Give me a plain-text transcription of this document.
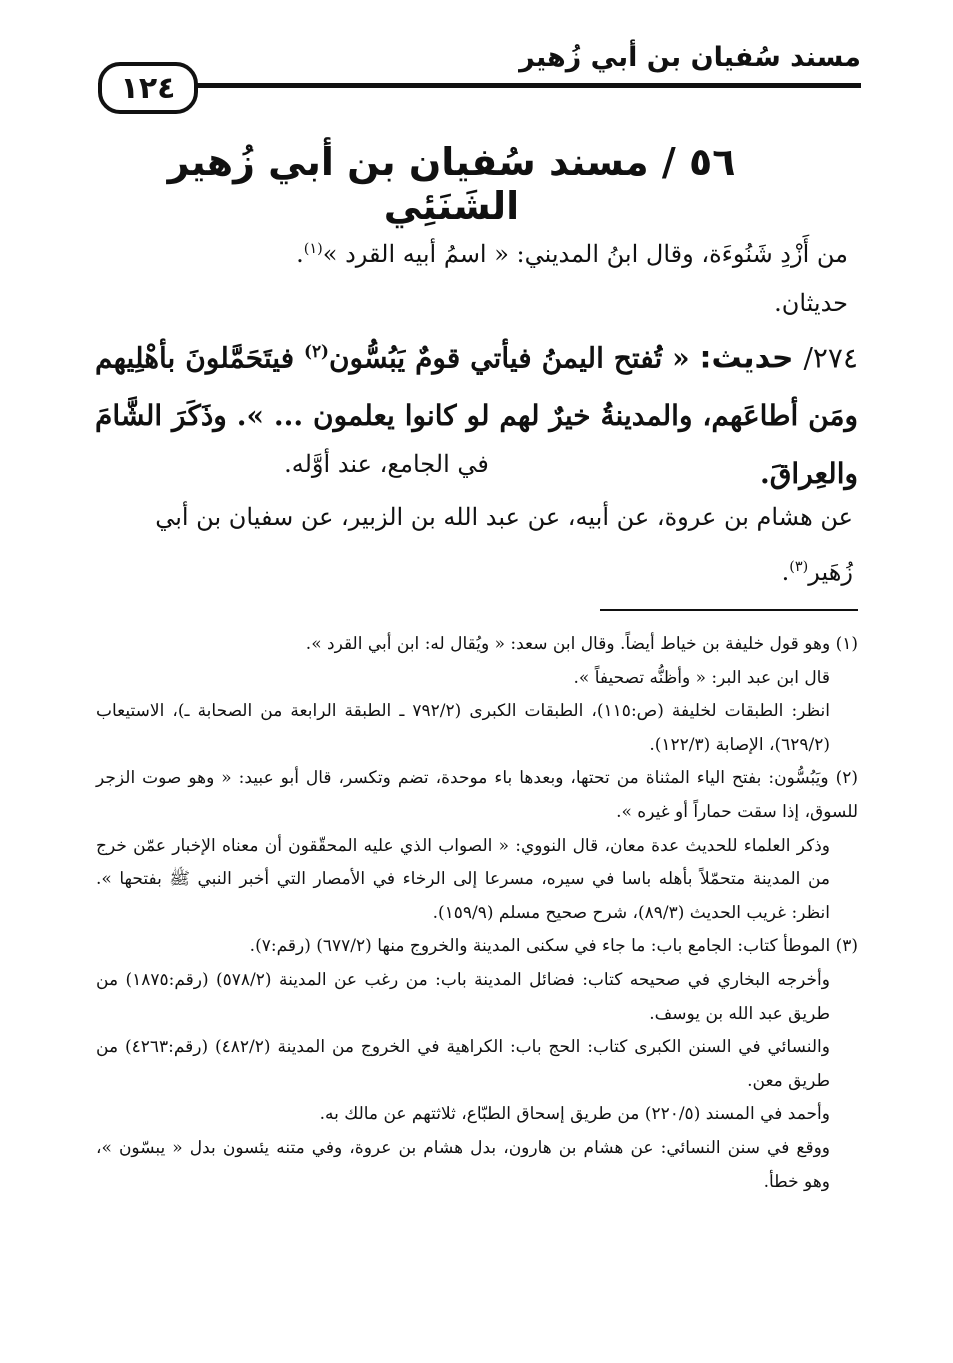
مسند سُفيان بن أبي زُهير
١٢٤
٥٦ / مسند سُفيان بن أبي زُهير الشَنَئِي
من أَزْدِ شَنُوءَة، وقال ابنُ المديني: « اسمُ أبيه القرد »$^{(١)}$.
حديثان.
٢٧٤/ حديث: « تُفتح اليمنُ فيأتي قومٌ يَبُسُّون$^{(٢)}$ فيتَحَمَّلونَ بأهْلِيهم ومَن أطاعَهم، والمدينةُ خيرٌ لهم لو كانوا يعلمون ... ». وذَكَرَ الشَّامَ والعِراقَ.
في الجامع، عند أوَّله.
عن هشام بن عروة، عن أبيه، عن عبد الله بن الزبير، عن سفيان بن أبي زُهَير$^{(٣)}$.

(١) وهو قول خليفة بن خياط أيضاً. وقال ابن سعد: « ويُقال له: ابن أبي القرد ».

قال ابن عبد البر: « وأظنُّه تصحيفاً ».

انظر: الطبقات لخليفة (ص:١١٥)، الطبقات الكبرى (٧٩٢/٢ ـ الطبقة الرابعة من الصحابة ـ)، الاستيعاب (٦٢٩/٢)، الإصابة (١٢٢/٣).

(٢) ويَبُسُّون: بفتح الياء المثناة من تحتها، وبعدها باء موحدة، تضم وتكسر، قال أبو عبيد: « وهو صوت الزجر للسوق، إذا سقت حماراً أو غيره ».

وذكر العلماء للحديث عدة معان، قال النووي: « الصواب الذي عليه المحقّقون أن معناه الإخبار عمّن خرج من المدينة متحمّلاً بأهله باسا في سيره، مسرعا إلى الرخاء في الأمصار التي أخبر النبي ﷺ بفتحها ». انظر: غريب الحديث (٨٩/٣)، شرح صحيح مسلم (١٥٩/٩).

(٣) الموطأ كتاب: الجامع باب: ما جاء في سكنى المدينة والخروج منها (٦٧٧/٢) (رقم:٧).

وأخرجه البخاري في صحيحه كتاب: فضائل المدينة باب: من رغب عن المدينة (٥٧٨/٢) (رقم:١٨٧٥) من طريق عبد الله بن يوسف.

والنسائي في السنن الكبرى كتاب: الحج باب: الكراهية في الخروج من المدينة (٤٨٢/٢) (رقم:٤٢٦٣) من طريق معن.

وأحمد في المسند (٢٢٠/٥) من طريق إسحاق الطبّاع، ثلاثتهم عن مالك به.

ووقع في سنن النسائي: عن هشام بن هارون، بدل هشام بن عروة، وفي متنه يئسون بدل « يبسّون »، وهو خطأ.
